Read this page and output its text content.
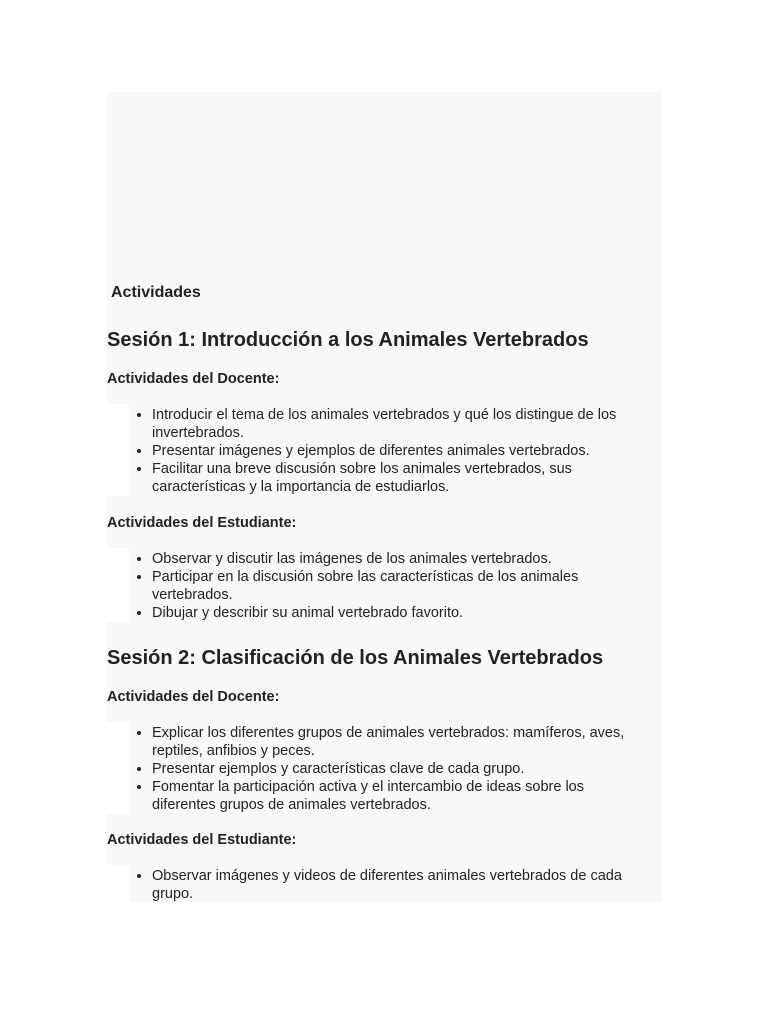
Actividades
Sesión 1: Introducción a los Animales Vertebrados

Actividades del Docente:

• Introducir el tema de los animales vertebrados y qué los distingue de los invertebrados.
• Presentar imágenes y ejemplos de diferentes animales vertebrados.
• Facilitar una breve discusión sobre los animales vertebrados, sus características y la importancia de estudiarlos.

Actividades del Estudiante:

• Observar y discutir las imágenes de los animales vertebrados.
• Participar en la discusión sobre las características de los animales vertebrados.
• Dibujar y describir su animal vertebrado favorito.
Sesión 2: Clasificación de los Animales Vertebrados

Actividades del Docente:

• Explicar los diferentes grupos de animales vertebrados: mamíferos, aves, reptiles, anfibios y peces.
• Presentar ejemplos y características clave de cada grupo.
• Fomentar la participación activa y el intercambio de ideas sobre los diferentes grupos de animales vertebrados.

Actividades del Estudiante:

• Observar imágenes y videos de diferentes animales vertebrados de cada grupo.
